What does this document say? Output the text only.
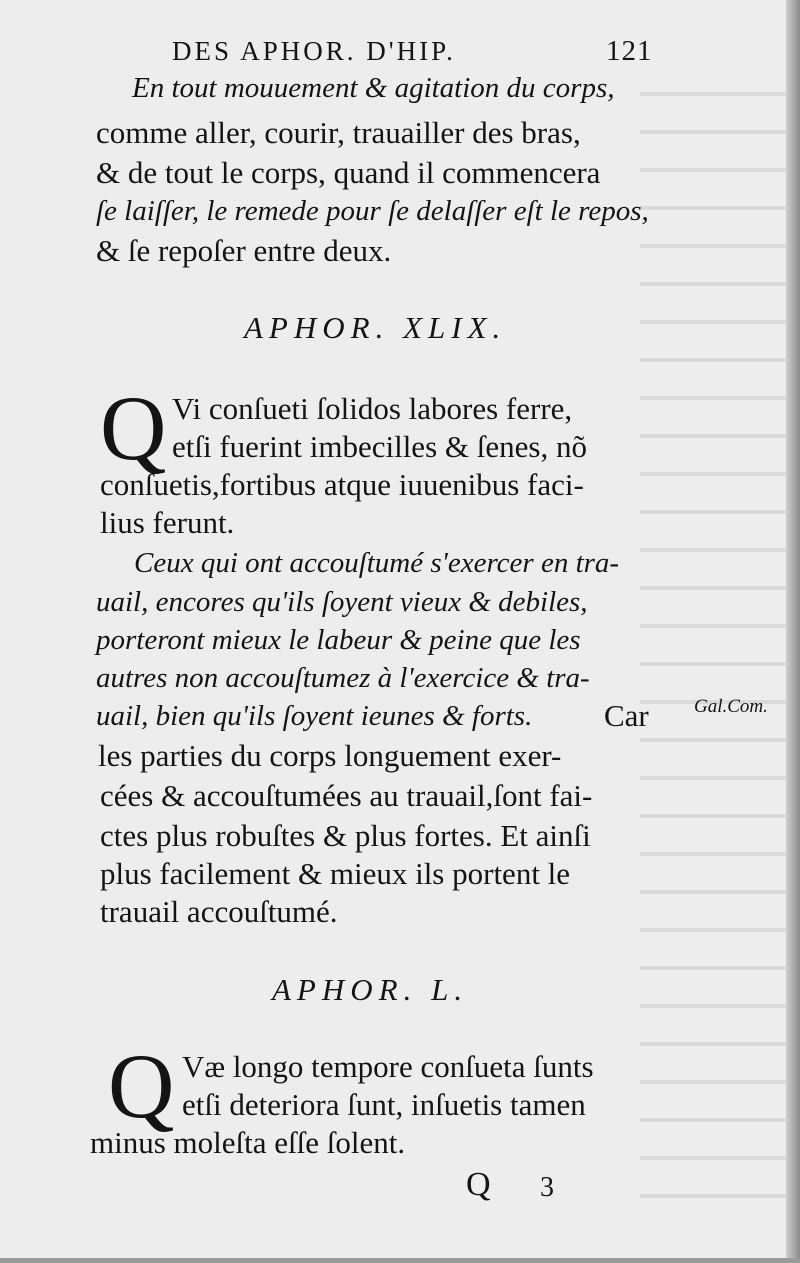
DES APHOR. D'HIP.	121
En tout mouuement & agitation du corps,
comme aller, courir, trauailler des bras,
& de tout le corps, quand il commencera
ſe laiſſer, le remede pour ſe delaſſer eſt le repos,
& ſe repoſer entre deux.
APHOR. XLIX.
Q Vi conſueti ſolidos labores ferre,
etſi fuerint imbecilles & ſenes, nõ
conſuetis,fortibus atque iuuenibus faci-
lius ferunt.
Ceux qui ont accouſtumé s'exercer en tra-
uail, encores qu'ils ſoyent vieux & debiles,
porteront mieux le labeur & peine que les
autres non accouſtumez à l'exercice & tra-
uail, bien qu'ils ſoyent ieunes & forts. Car
les parties du corps longuement exer-
cées & accouſtumées au trauail,ſont fai-
ctes plus robuſtes & plus fortes. Et ainſi
plus facilement & mieux ils portent le
trauail accouſtumé.
Gal.Com.
APHOR. L.
Q Væ longo tempore conſueta ſunts
etſi deteriora ſunt, inſuetis tamen
minus moleſta eſſe ſolent.
Q 3
